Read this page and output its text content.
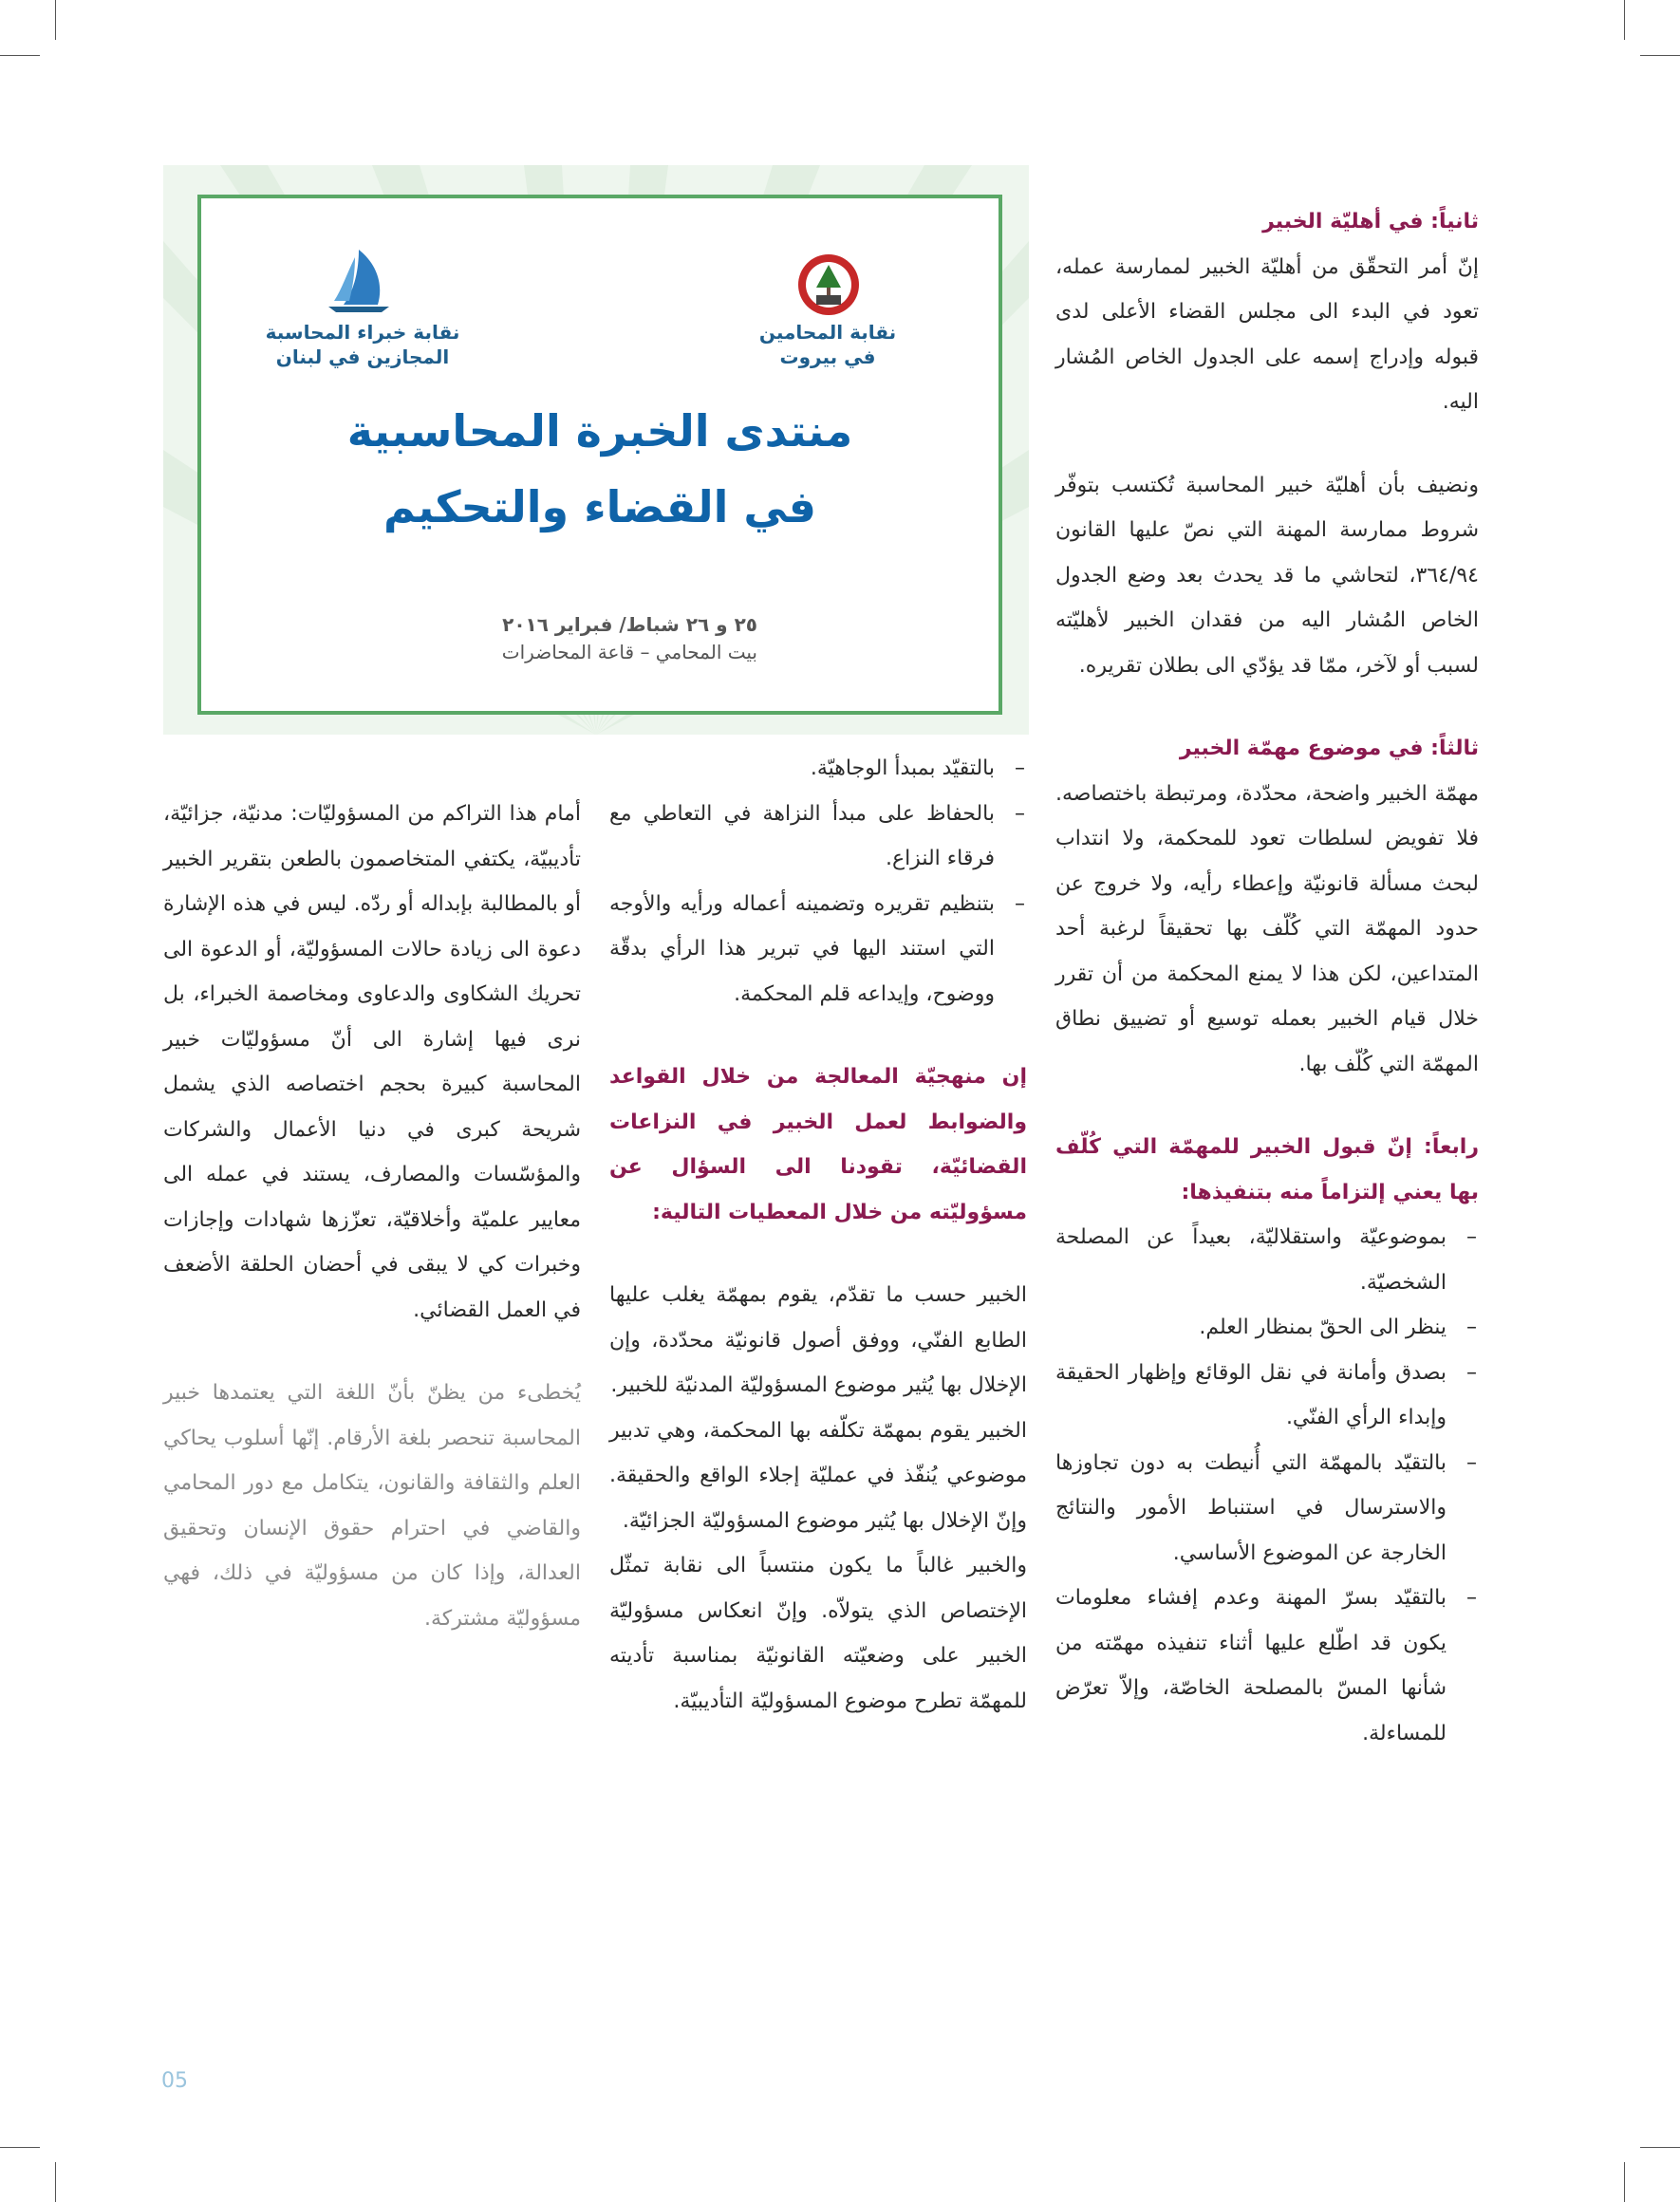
نقابة خبراء المحاسبة
المجازين في لبنان
نقابة المحامين
في بيروت
منتدى الخبرة المحاسبية
في القضاء والتحكيم
٢٥ و ٢٦ شباط/ فبراير ٢٠١٦
بيت المحامي – قاعة المحاضرات

ثانياً: في أهليّة الخبير

إنّ أمر التحقّق من أهليّة الخبير لممارسة عمله، تعود في البدء الى مجلس القضاء الأعلى لدى قبوله وإدراج إسمه على الجدول الخاص المُشار اليه.

ونضيف بأن أهليّة خبير المحاسبة تُكتسب بتوفّر شروط ممارسة المهنة التي نصّ عليها القانون ٣٦٤/٩٤، لتحاشي ما قد يحدث بعد وضع الجدول الخاص المُشار اليه من فقدان الخبير لأهليّته لسبب أو لآخر، ممّا قد يؤدّي الى بطلان تقريره.

ثالثاً: في موضوع مهمّة الخبير

مهمّة الخبير واضحة، محدّدة، ومرتبطة باختصاصه. فلا تفويض لسلطات تعود للمحكمة، ولا انتداب لبحث مسألة قانونيّة وإعطاء رأيه، ولا خروج عن حدود المهمّة التي كُلّف بها تحقيقاً لرغبة أحد المتداعين، لكن هذا لا يمنع المحكمة من أن تقرر خلال قيام الخبير بعمله توسيع أو تضييق نطاق المهمّة التي كُلّف بها.

رابعاً: إنّ قبول الخبير للمهمّة التي كُلّف بها يعني إلتزاماً منه بتنفيذها:

– بموضوعيّة واستقلاليّة، بعيداً عن المصلحة الشخصيّة.
– ينظر الى الحقّ بمنظار العلم.
– بصدق وأمانة في نقل الوقائع وإظهار الحقيقة وإبداء الرأي الفنّي.
– بالتقيّد بالمهمّة التي أُنيطت به دون تجاوزها والاسترسال في استنباط الأمور والنتائج الخارجة عن الموضوع الأساسي.
– بالتقيّد بسرّ المهنة وعدم إفشاء معلومات يكون قد اطّلع عليها أثناء تنفيذه مهمّته من شأنها المسّ بالمصلحة الخاصّة، وإلاّ تعرّض للمساءلة.
– بالتقيّد بمبدأ الوجاهيّة.
– بالحفاظ على مبدأ النزاهة في التعاطي مع فرقاء النزاع.
– بتنظيم تقريره وتضمينه أعماله ورأيه والأوجه التي استند اليها في تبرير هذا الرأي بدقّة ووضوح، وإيداعه قلم المحكمة.

إن منهجيّة المعالجة من خلال القواعد والضوابط لعمل الخبير في النزاعات القضائيّة، تقودنا الى السؤال عن مسؤوليّته من خلال المعطيات التالية:

الخبير حسب ما تقدّم، يقوم بمهمّة يغلب عليها الطابع الفنّي، ووفق أصول قانونيّة محدّدة، وإن الإخلال بها يُثير موضوع المسؤوليّة المدنيّة للخبير.

الخبير يقوم بمهمّة تكلّفه بها المحكمة، وهي تدبير موضوعي يُنفّذ في عمليّة إجلاء الواقع والحقيقة. وإنّ الإخلال بها يُثير موضوع المسؤوليّة الجزائيّة.

والخبير غالباً ما يكون منتسباً الى نقابة تمثّل الإختصاص الذي يتولاّه. وإنّ انعكاس مسؤوليّة الخبير على وضعيّته القانونيّة بمناسبة تأديته للمهمّة تطرح موضوع المسؤوليّة التأديبيّة.

أمام هذا التراكم من المسؤوليّات: مدنيّة، جزائيّة، تأديبيّة، يكتفي المتخاصمون بالطعن بتقرير الخبير أو بالمطالبة بإبداله أو ردّه. ليس في هذه الإشارة دعوة الى زيادة حالات المسؤوليّة، أو الدعوة الى تحريك الشكاوى والدعاوى ومخاصمة الخبراء، بل نرى فيها إشارة الى أنّ مسؤوليّات خبير المحاسبة كبيرة بحجم اختصاصه الذي يشمل شريحة كبرى في دنيا الأعمال والشركات والمؤسّسات والمصارف، يستند في عمله الى معايير علميّة وأخلاقيّة، تعزّزها شهادات وإجازات وخبرات كي لا يبقى في أحضان الحلقة الأضعف في العمل القضائي.

يُخطىء من يظنّ بأنّ اللغة التي يعتمدها خبير المحاسبة تنحصر بلغة الأرقام. إنّها أسلوب يحاكي العلم والثقافة والقانون، يتكامل مع دور المحامي والقاضي في احترام حقوق الإنسان وتحقيق العدالة، وإذا كان من مسؤوليّة في ذلك، فهي مسؤوليّة مشتركة.

05
